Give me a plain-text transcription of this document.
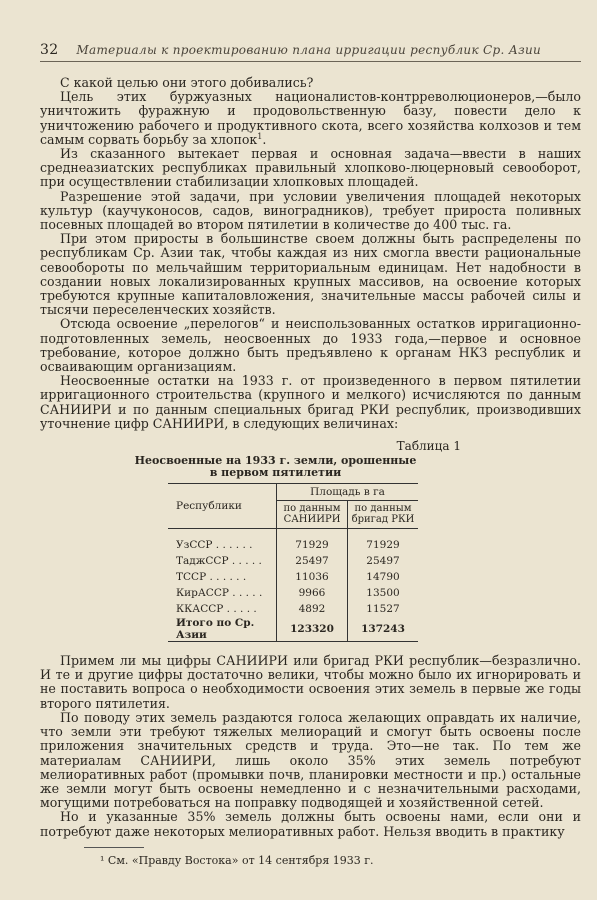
32 Материалы к проектированию плана ирригации республик Ср. Азии

С какой целью они этого добивались?

Цель этих буржуазных националистов-контрреволюционеров,—было уничтожить фуражную и продовольственную базу, повести дело к уничтожению рабочего и продуктивного скота, всего хозяйства колхозов и тем самым сорвать борьбу за хлопок$^1$.

Из сказанного вытекает первая и основная задача—ввести в наших среднеазиатских республиках правильный хлопково-люцерновый севооборот, при осуществлении стабилизации хлопковых площадей.

Разрешение этой задачи, при условии увеличения площадей некоторых культур (каучуконосов, садов, виноградников), требует прироста поливных посевных площадей во втором пятилетии в количестве до 400 тыс. га.

При этом приросты в большинстве своем должны быть распределены по республикам Ср. Азии так, чтобы каждая из них смогла ввести рациональные севообороты по мельчайшим территориальным единицам. Нет надобности в создании новых локализированных крупных массивов, на освоение которых требуются крупные капиталовложения, значительные массы рабочей силы и тысячи переселенческих хозяйств.

Отсюда освоение „перелогов“ и неиспользованных остатков ирригационно-подготовленных земель, неосвоенных до 1933 года,—первое и основное требование, которое должно быть предъявлено к органам НКЗ республик и осваивающим организациям.

Неосвоенные остатки на 1933 г. от произведенного в первом пятилетии ирригационного строительства (крупного и мелкого) исчисляются по данным САНИИРИ и по данным специальных бригад РКИ республик, производивших уточнение цифр САНИИРИ, в следующих величинах:

Таблица 1
Неосвоенные на 1933 г. земли, орошенные
в первом пятилетии
Республики	Площадь в га	
	по данным САНИИРИ	по данным бригад РКИ

УзССР . . . . . .	71929	71929
ТаджССР . . . . .	25497	25497
ТССР . . . . . .	11036	14790
КирАССР . . . . .	9966	13500
ККАССР . . . . .	4892	11527
Итого по Ср. Азии	123320	137243

Примем ли мы цифры САНИИРИ или бригад РКИ республик—безразлично. И те и другие цифры достаточно велики, чтобы можно было их игнорировать и не поставить вопроса о необходимости освоения этих земель в первые же годы второго пятилетия.

По поводу этих земель раздаются голоса желающих оправдать их наличие, что земли эти требуют тяжелых мелиораций и смогут быть освоены после приложения значительных средств и труда. Это—не так. По тем же материалам САНИИРИ, лишь около 35% этих земель потребуют мелиоративных работ (промывки почв, планировки местности и пр.) остальные же земли могут быть освоены немедленно и с незначительными расходами, могущими потребоваться на поправку подводящей и хозяйственной сетей.

Но и указанные 35% земель должны быть освоены нами, если они и потребуют даже некоторых мелиоративных работ. Нельзя вводить в практику

¹ См. «Правду Востока» от 14 сентября 1933 г.
